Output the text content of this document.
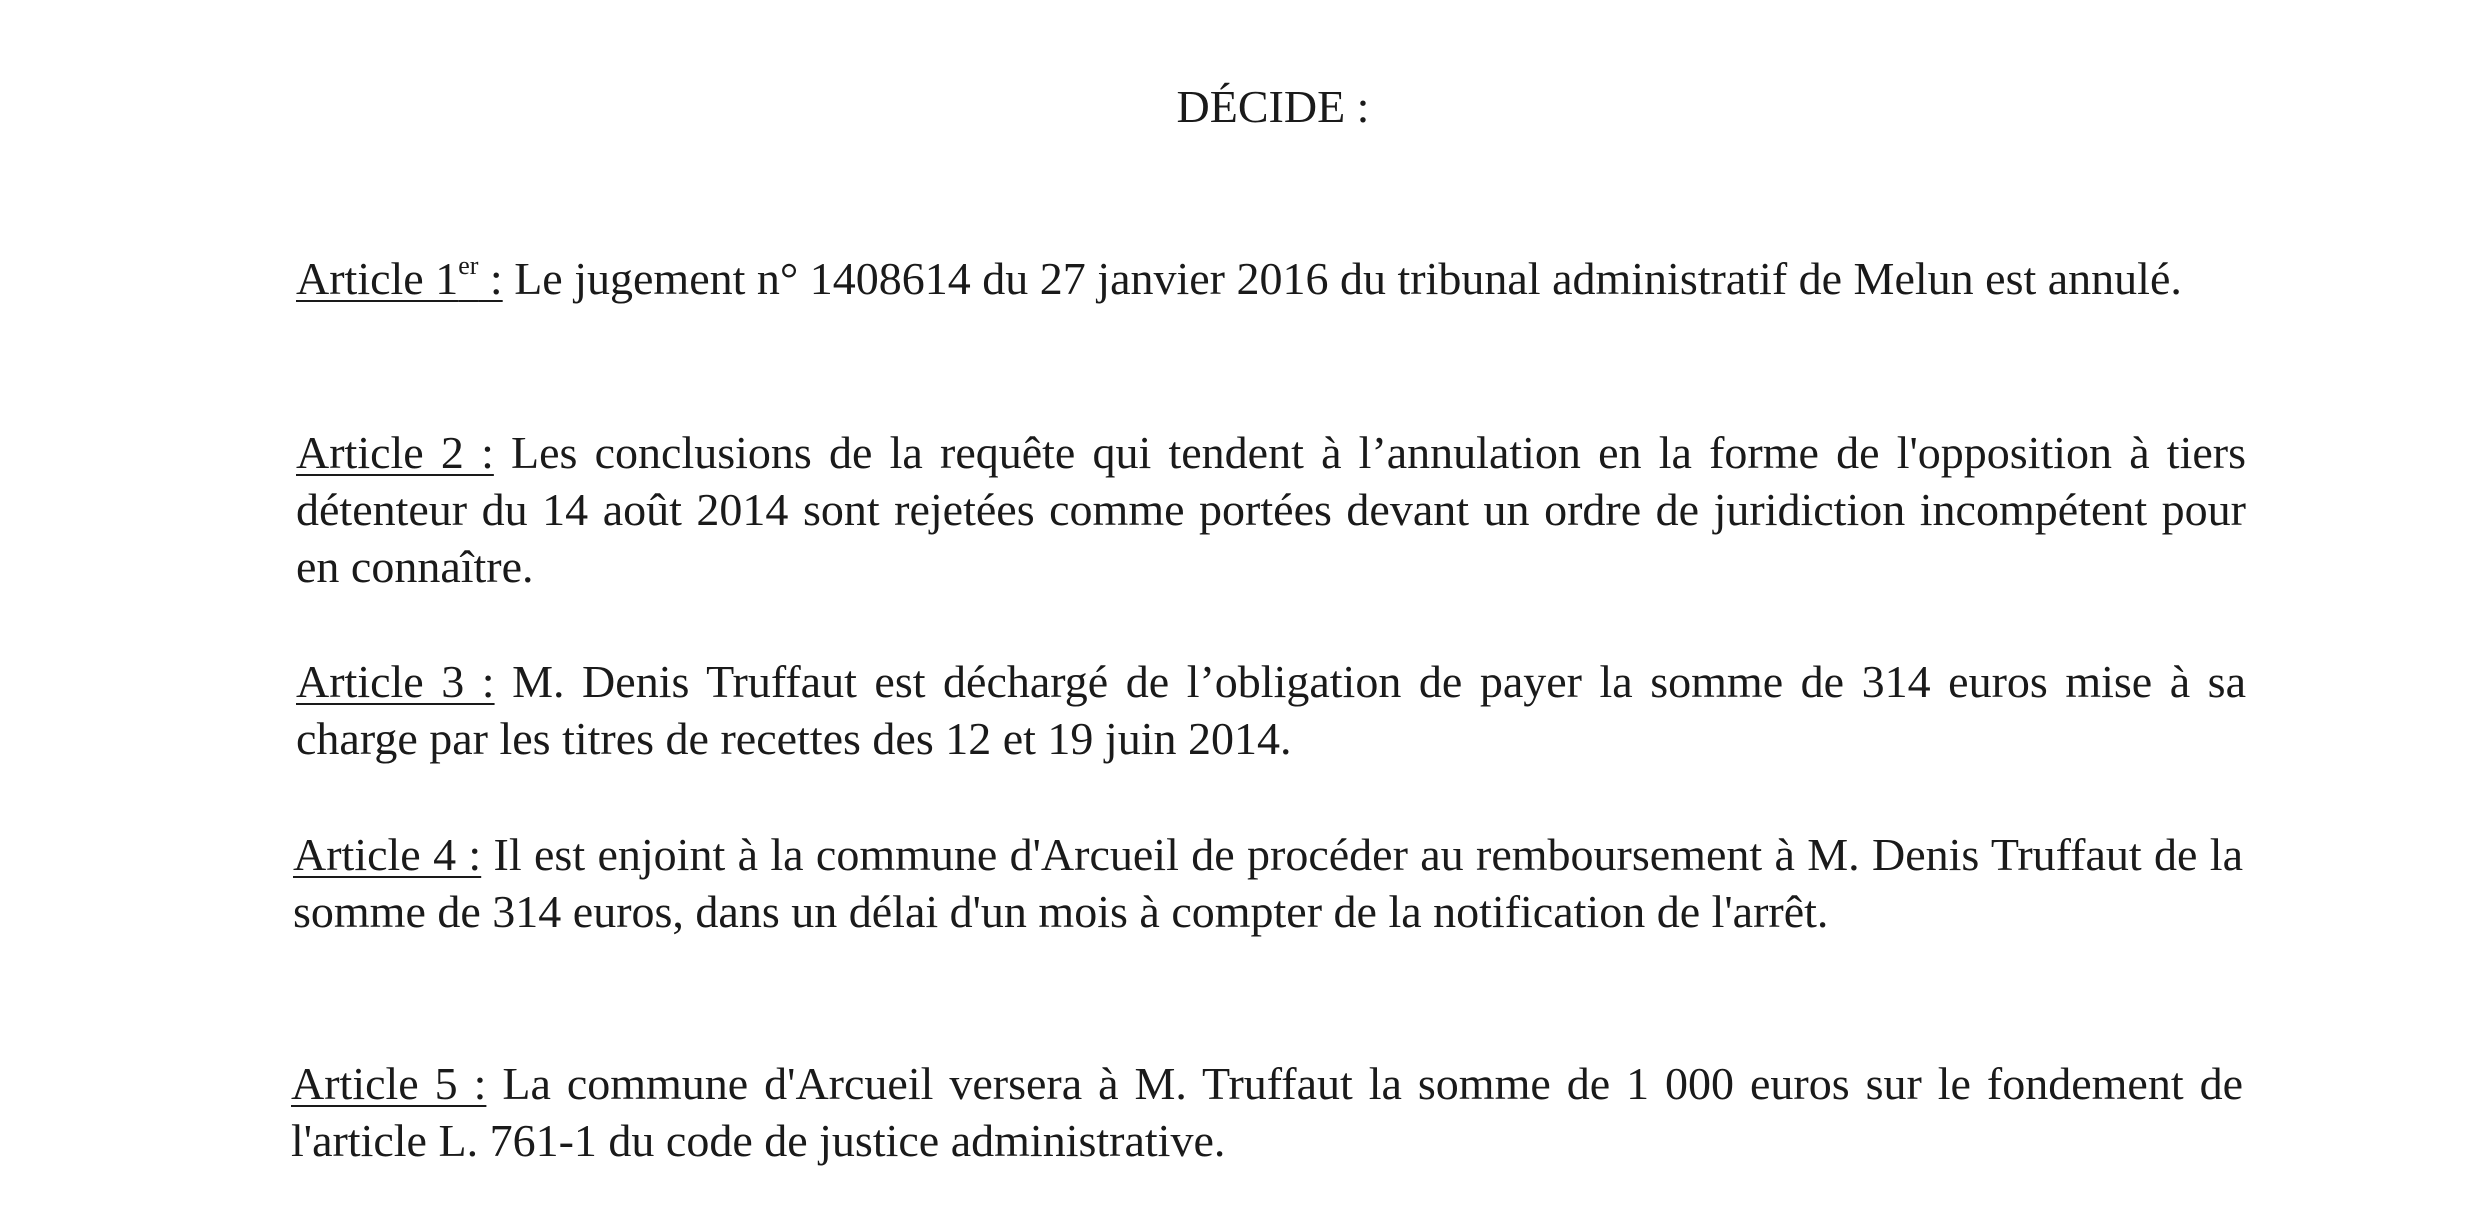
DÉCIDE :

Article 1er : Le jugement n° 1408614 du 27 janvier 2016 du tribunal administratif de Melun est annulé.

Article 2 : Les conclusions de la requête qui tendent à l’annulation en la forme de l'opposition à tiers détenteur du 14 août 2014 sont rejetées comme portées devant un ordre de juridiction incompétent pour en connaître.

Article 3 : M. Denis Truffaut est déchargé de l’obligation de payer la somme de 314 euros mise à sa charge par les titres de recettes des 12 et 19 juin 2014.

Article 4 : Il est enjoint à la commune d'Arcueil de procéder au remboursement à M. Denis Truffaut de la somme de 314 euros, dans un délai d'un mois à compter de la notification de l'arrêt.

Article 5 : La commune d'Arcueil versera à M. Truffaut la somme de 1 000 euros sur le fondement de l'article L. 761-1 du code de justice administrative.
